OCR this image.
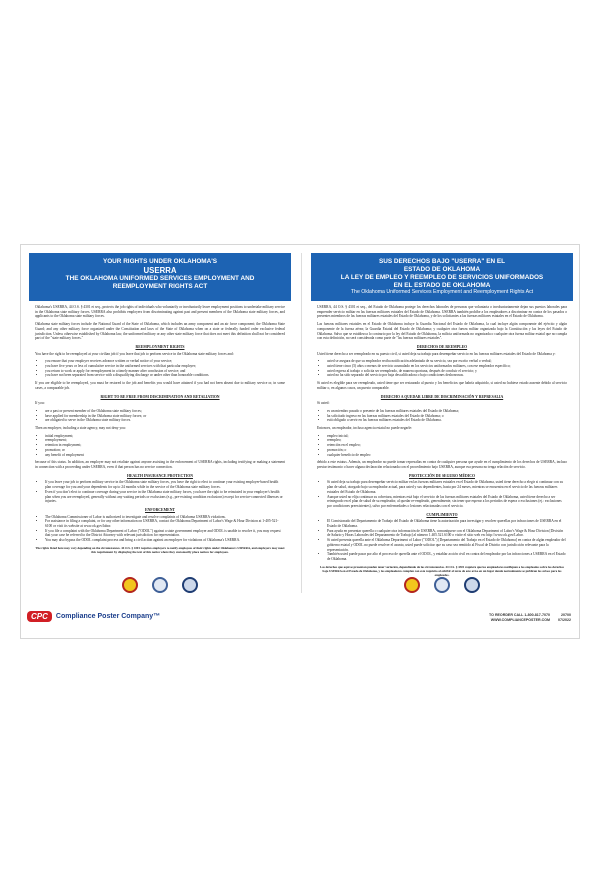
YOUR RIGHTS UNDER OKLAHOMA'S
USERRA
THE OKLAHOMA UNIFORMED SERVICES EMPLOYMENT AND
REEMPLOYMENT RIGHTS ACT

Oklahoma's USERRA, 44 O.S. § 4301 et seq., protects the job rights of individuals who voluntarily or involuntarily leave employment positions to undertake military service in the Oklahoma state military forces. USERRA also prohibits employers from discriminating against past and present members of the Oklahoma state military forces, and applicants to the Oklahoma state military forces.

Oklahoma state military forces include the National Guard of the State of Oklahoma, which includes an army component and an air force component; the Oklahoma State Guard; and any other military force organized under the Constitution and laws of the State of Oklahoma when on a state or federally funded order exclusive federal jurisdiction. Unless otherwise established by Oklahoma law, the uniformed military or any other state military force that does not meet this definition shall not be considered part of the "state military forces."

REEMPLOYMENT RIGHTS

You have the right to be reemployed at your civilian job if you leave that job to perform service in the Oklahoma state military forces and:

• you ensure that your employer receives advance written or verbal notice of your service;
• you have five years or less of cumulative service in the uniformed services with that particular employer;
• you return to work or apply for reemployment in a timely manner after conclusion of service; and
• you have not been separated from service with a disqualifying discharge or under other than honorable conditions.

If you are eligible to be reemployed, you must be restored to the job and benefits you would have attained if you had not been absent due to military service or, in some cases, a comparable job.

RIGHT TO BE FREE FROM DISCRIMINATION AND RETALIATION

If you:

• are a past or present member of the Oklahoma state military forces;
• have applied for membership in the Oklahoma state military forces; or
• are obligated to serve in the Oklahoma state military forces.

Then an employer, including a state agency, may not deny you:

• initial employment;
• reemployment;
• retention in employment;
• promotion; or
• any benefit of employment

because of this status. In addition, an employer may not retaliate against anyone assisting in the enforcement of USERRA rights, including testifying or making a statement in connection with a proceeding under USERRA, even if that person has no service connection.

HEALTH INSURANCE PROTECTION
• If you leave your job to perform military service in the Oklahoma state military forces, you have the right to elect to continue your existing employer-based health plan coverage for you and your dependents for up to 24 months while in the service of the Oklahoma state military forces.
• Even if you don't elect to continue coverage during your service in the Oklahoma state military forces, you have the right to be reinstated in your employer's health plan when you are reemployed, generally without any waiting periods or exclusions (e.g., pre-existing condition exclusions) except for service-connected illnesses or injuries.
ENFORCEMENT
• The Oklahoma Commissioner of Labor is authorized to investigate and resolve complaints of Oklahoma USERRA violations.
• For assistance in filing a complaint, or for any other information on USERRA, contact the Oklahoma Department of Labor's Wage & Hour Division at 1-405-521-6100 or visit its website at www.ok.gov/labor.
• If you file a complaint with the Oklahoma Department of Labor ("ODOL") against a state government employer and ODOL is unable to resolve it, you may request that your case be referred to the District Attorney with relevant jurisdiction for representation.
• You may also bypass the ODOL complaint process and bring a civil action against an employer for violations of Oklahoma's USERRA.
The rights listed here may vary depending on the circumstances. 44 O.S. § 4301 requires employers to notify employees of their rights under Oklahoma's USERRA, and employers may meet this requirement by displaying the text of this notice where they customarily place notices for employees.
SUS DERECHOS BAJO "USERRA" EN EL
ESTADO DE OKLAHOMA
LA LEY DE EMPLEO Y REEMPLEO DE SERVICIOS UNIFORMADOS
EN EL ESTADO DE OKLAHOMA
The Oklahoma Uniformed Services Employment and Reemployment Rights Act

USERRA, 44 O.S. § 4301 et seq., del Estado de Oklahoma protege los derechos laborales de personas que voluntaria o involuntariamente dejan sus puestos laborales para emprender servicio militar en las fuerzas militares estatales del Estado de Oklahoma. USERRA también prohíbe a los empleadores a discriminar en contra de los pasados o presentes miembros de las fuerzas militares estatales del Estado de Oklahoma, y de los solicitantes a las fuerzas militares estatales en el Estado de Oklahoma.

Las fuerzas militares estatales en el Estado de Oklahoma incluye la Guardia Nacional del Estado de Oklahoma, la cual incluye algún componente del ejército y algún componente de la fuerza aérea; la Guardia Estatal del Estado de Oklahoma; y cualquier otra fuerza militar organizada bajo la Constitución y las leyes del Estado de Oklahoma. Salvo que se establezca lo contrario por la ley del Estado de Oklahoma, la milicia uniformada no organizada o cualquier otra fuerza militar estatal que no cumpla con esta definición, no será considerada como parte de "las fuerzas militares estatales".

DERECHOS DE REEMPLEO

Usted tiene derecho a ser reempleado en su puesto civil, si usted deja su trabajo para desempeñar servicio en las fuerzas militares estatales del Estado de Oklahoma y:

• usted se asegura de que su empleador reciba notificación adelantada de su servicio, sea por escrito verbal o verbal;
• usted tiene cinco (5) años o menos de servicio acumulado en los servicios uniformados militares, con ese empleador específico;
• usted regresa al trabajo o solicita ser reempleado, de manera oportuna, después de concluir el servicio; y
• usted no ha sido separado del servicio por baja descalificadora o bajo condiciones deshonrosas.

Si usted es elegible para ser reempleado, usted tiene que ser restaurado al puesto y los beneficios que habría adquirido, si usted no hubiese estado ausente debido al servicio militar o, en algunos casos, un puesto comparable.

DERECHO A QUEDAR LIBRE DE DISCRIMINACIÓN Y REPRESALIA

Si usted:

• es un miembro pasado o presente de las fuerzas militares estatales del Estado de Oklahoma;
• ha solicitado ingreso en las fuerzas militares estatales del Estado de Oklahoma; o
• está obligado a servir en las fuerzas militares estatales del Estado de Oklahoma.

Entonces, un empleador, incluso agencia estatal no puede negarle:

• empleo inicial;
• reempleo;
• retención en el empleo;
• promoción; o
• cualquier beneficio de empleo

debido a este estatus. Además, un empleador no puede tomar represalias en contra de cualquier persona que ayude en el cumplimiento de los derechos de USERRA, incluso prestar testimonio o hacer alguna declaración relacionada con el procedimiento bajo USERRA, aunque esa persona no tenga relación de servicio.

PROTECCIÓN DE SEGURO MÉDICO
• Si usted deja su trabajo para desempeñar servicio militar en las fuerzas militares estatales en el Estado de Oklahoma, usted tiene derecho a elegir si continuar con su plan de salud, otorgado bajo su empleador actual, para usted y sus dependientes, hasta por 24 meses, mientras se encuentra en el servicio de las fuerzas militares estatales del Estado de Oklahoma.
• Aunque usted no elija continuar su cobertura, mientras está bajo el servicio de las fuerzas militares estatales del Estado de Oklahoma, usted tiene derecho a ser reintegrado en el plan de salud de su empleador, al quedar re-empleado, generalmente, sin tener que esperar a los periodos de espera o exclusiones (ej.: exclusiones por condiciones preexistentes), salvo por enfermedades o lesiones relacionadas con el servicio.
CUMPLIMIENTO
• El Comisionado del Departamento de Trabajo del Estado de Oklahoma tiene la autorización para investigar y resolver querellas por infracciones de USERRA en el Estado de Oklahoma.
• Para ayuda en presentar querella o cualquier otra información de USERRA, comuníquese con el Oklahoma Department of Labor's Wage & Hour Division [División de Salario y Horas Laborales del Departamento de Trabajo] al número 1.405.521.6100 o visite el sitio web en: http://www.ok.gov/Labor.
• Si usted presenta querella ante el Oklahoma Department of Labor ("ODOL") [Departamento del Trabajo en el Estado de Oklahoma] en contra de algún empleador del gobierno estatal y ODOL no puede resolver el asunto, usted puede solicitar que su caso sea remitido al Fiscal de Distrito con jurisdicción relevante para la representación.
• También usted puede pasar por alto el proceso de querella ante el ODOL, y entablar acción civil en contra del empleador por las infracciones a USERRA en el Estado de Oklahoma.
Los derechos que aquí se presentan pueden tener variación, dependiendo de las circunstancias. 44 O.S. § 4301 requiere que los empleadores notifiquen a los empleados sobre los derechos bajo USERRA en el Estado de Oklahoma, y los empleadores cumplen con este requisito al exhibir el texto de este aviso en un lugar donde normalmente se publican los avisos para los empleados.
CPC	Compliance Poster Company™	TO REORDER CALL 1-800-817-7070
WWW.COMPLIANCEPOSTER.COM
20700
07/2022
